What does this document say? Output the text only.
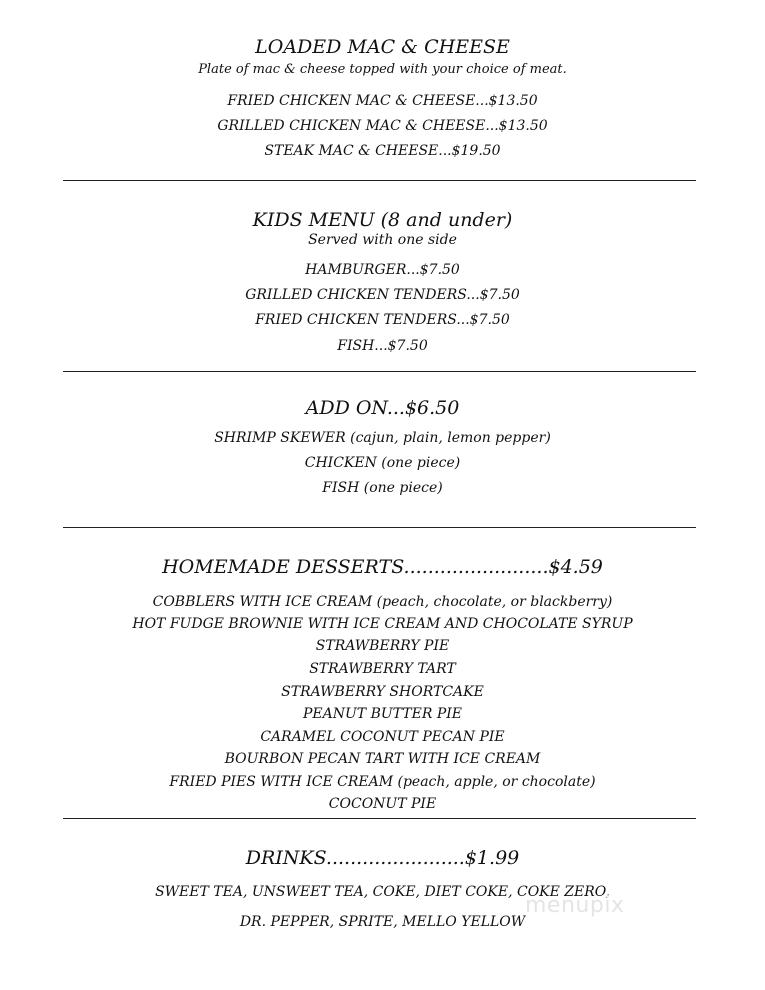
LOADED MAC & CHEESE
Plate of mac & cheese topped with your choice of meat.
FRIED CHICKEN MAC & CHEESE...$13.50
GRILLED CHICKEN MAC & CHEESE...$13.50
STEAK MAC & CHEESE...$19.50
KIDS MENU (8 and under)
Served with one side
HAMBURGER...$7.50
GRILLED CHICKEN TENDERS...$7.50
FRIED CHICKEN TENDERS...$7.50
FISH...$7.50
ADD ON...$6.50
SHRIMP SKEWER (cajun, plain, lemon pepper)
CHICKEN (one piece)
FISH (one piece)
HOMEMADE DESSERTS........................$4.59
COBBLERS WITH ICE CREAM (peach, chocolate, or blackberry)
HOT FUDGE BROWNIE WITH ICE CREAM AND CHOCOLATE SYRUP
STRAWBERRY PIE
STRAWBERRY TART
STRAWBERRY SHORTCAKE
PEANUT BUTTER PIE
CARAMEL COCONUT PECAN PIE
BOURBON PECAN TART WITH ICE CREAM
FRIED PIES WITH ICE CREAM (peach, apple, or chocolate)
COCONUT PIE
DRINKS.......................$1.99
SWEET TEA, UNSWEET TEA, COKE, DIET COKE, COKE ZERO,
DR. PEPPER, SPRITE, MELLO YELLOW
menupix
